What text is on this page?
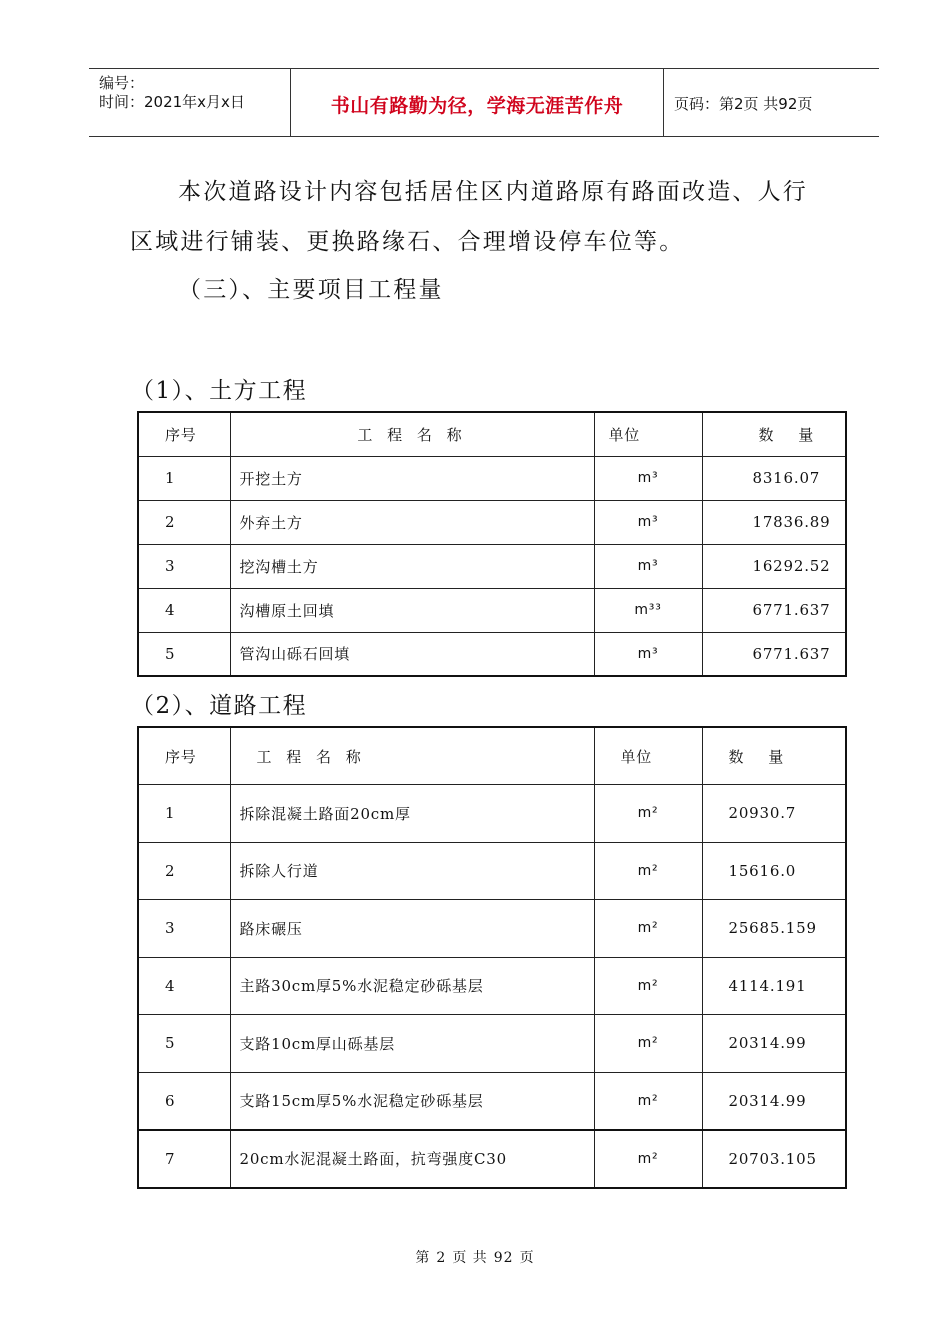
编号：
时间：2021年x月x日	书山有路勤为径，学海无涯苦作舟	页码：第2页 共92页
本次道路设计内容包括居住区内道路原有路面改造、人行
区域进行铺装、更换路缘石、合理增设停车位等。
（三）、主要项目工程量
（1）、土方工程
序号	工 程 名 称	单位	数 量
1	开挖土方	m³	8316.07
2	外弃土方	m³	17836.89
3	挖沟槽土方	m³	16292.52
4	沟槽原土回填	m³³	6771.637
5	管沟山砾石回填	m³	6771.637
（2）、道路工程
序号	工 程 名 称	单位	数 量
1	拆除混凝土路面20cm厚	m²	20930.7
2	拆除人行道	m²	15616.0
3	路床碾压	m²	25685.159
4	主路30cm厚5%水泥稳定砂砾基层	m²	4114.191
5	支路10cm厚山砾基层	m²	20314.99
6	支路15cm厚5%水泥稳定砂砾基层	m²	20314.99
7	20cm水泥混凝土路面，抗弯强度C30	m²	20703.105
第 2 页 共 92 页
